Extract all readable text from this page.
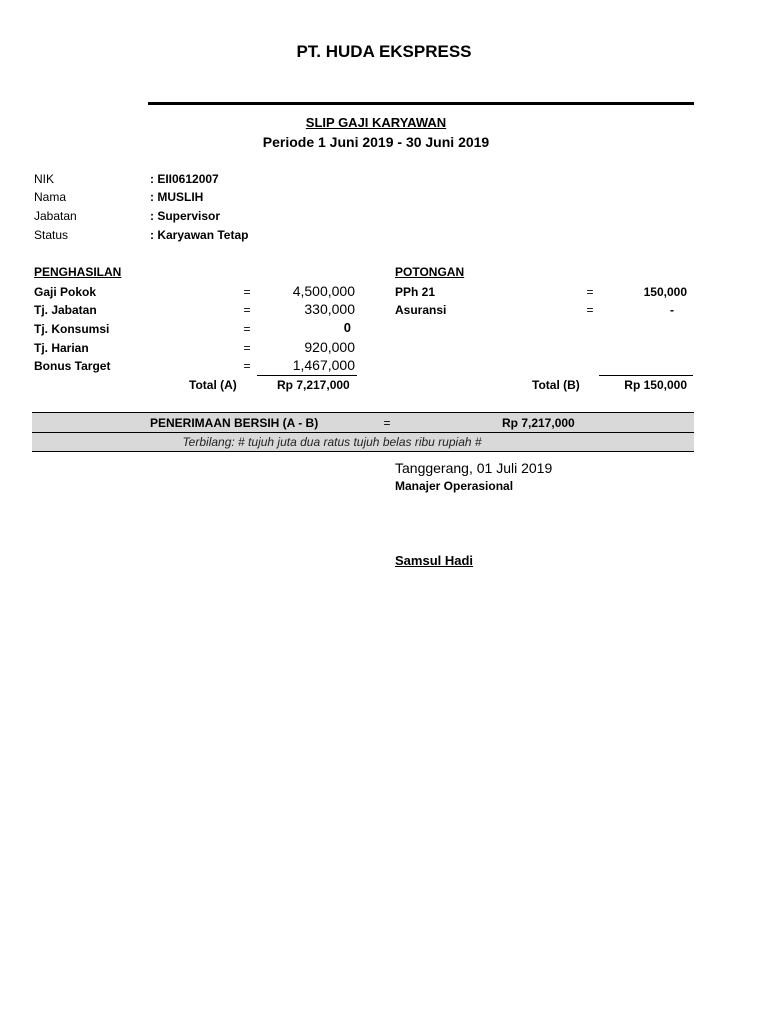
PT. HUDA EKSPRESS
SLIP GAJI KARYAWAN
Periode 1 Juni 2019 - 30 Juni 2019
NIK	: EII0612007
Nama	: MUSLIH
Jabatan	: Supervisor
Status	: Karyawan Tetap
PENGHASILAN
Gaji Pokok	=	4,500,000
Tj. Jabatan	=	330,000
Tj. Konsumsi	=	0
Tj. Harian	=	920,000
Bonus Target	=	1,467,000
Total (A)	Rp 7,217,000
POTONGAN
PPh 21	=	150,000
Asuransi	=	-
Total (B)	Rp 150,000
PENERIMAAN BERSIH (A - B)	=	Rp 7,217,000
Terbilang: # tujuh juta dua ratus tujuh belas ribu rupiah #
Tanggerang, 01 Juli 2019
Manajer Operasional
Samsul Hadi
